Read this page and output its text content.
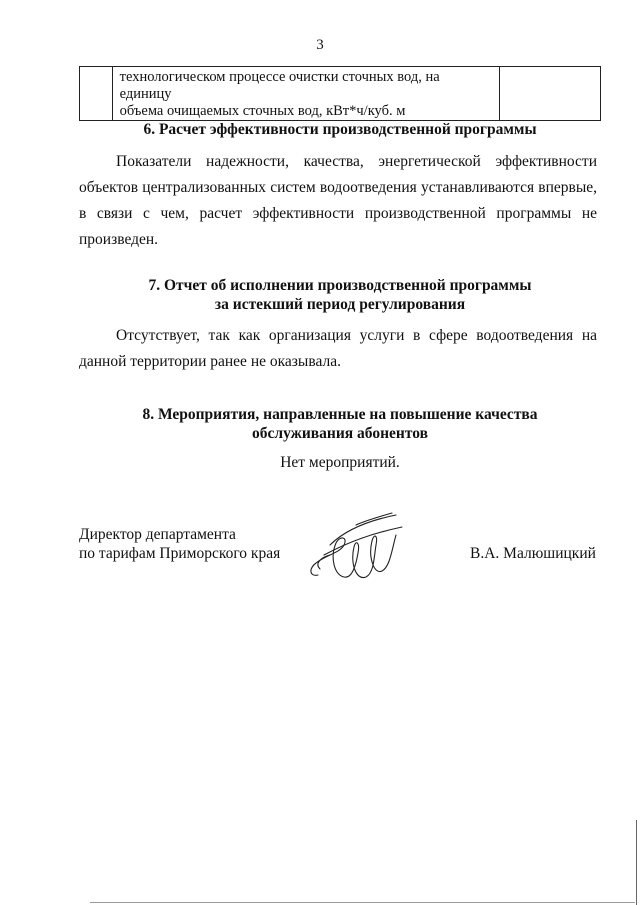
3

технологическом процессе очистки сточных вод, на единицу
объема очищаемых сточных вод, кВт*ч/куб. м

6. Расчет эффективности производственной программы
Показатели надежности, качества, энергетической эффективности объектов централизованных систем водоотведения устанавливаются впервые, в связи с чем, расчет эффективности производственной программы не произведен.
7. Отчет об исполнении производственной программы
за истекший период регулирования
Отсутствует, так как организация услуги в сфере водоотведения на данной территории ранее не оказывала.
8. Мероприятия, направленные на повышение качества
обслуживания абонентов
Нет мероприятий.
Директор департамента
по тарифам Приморского края	В.А. Малюшицкий
